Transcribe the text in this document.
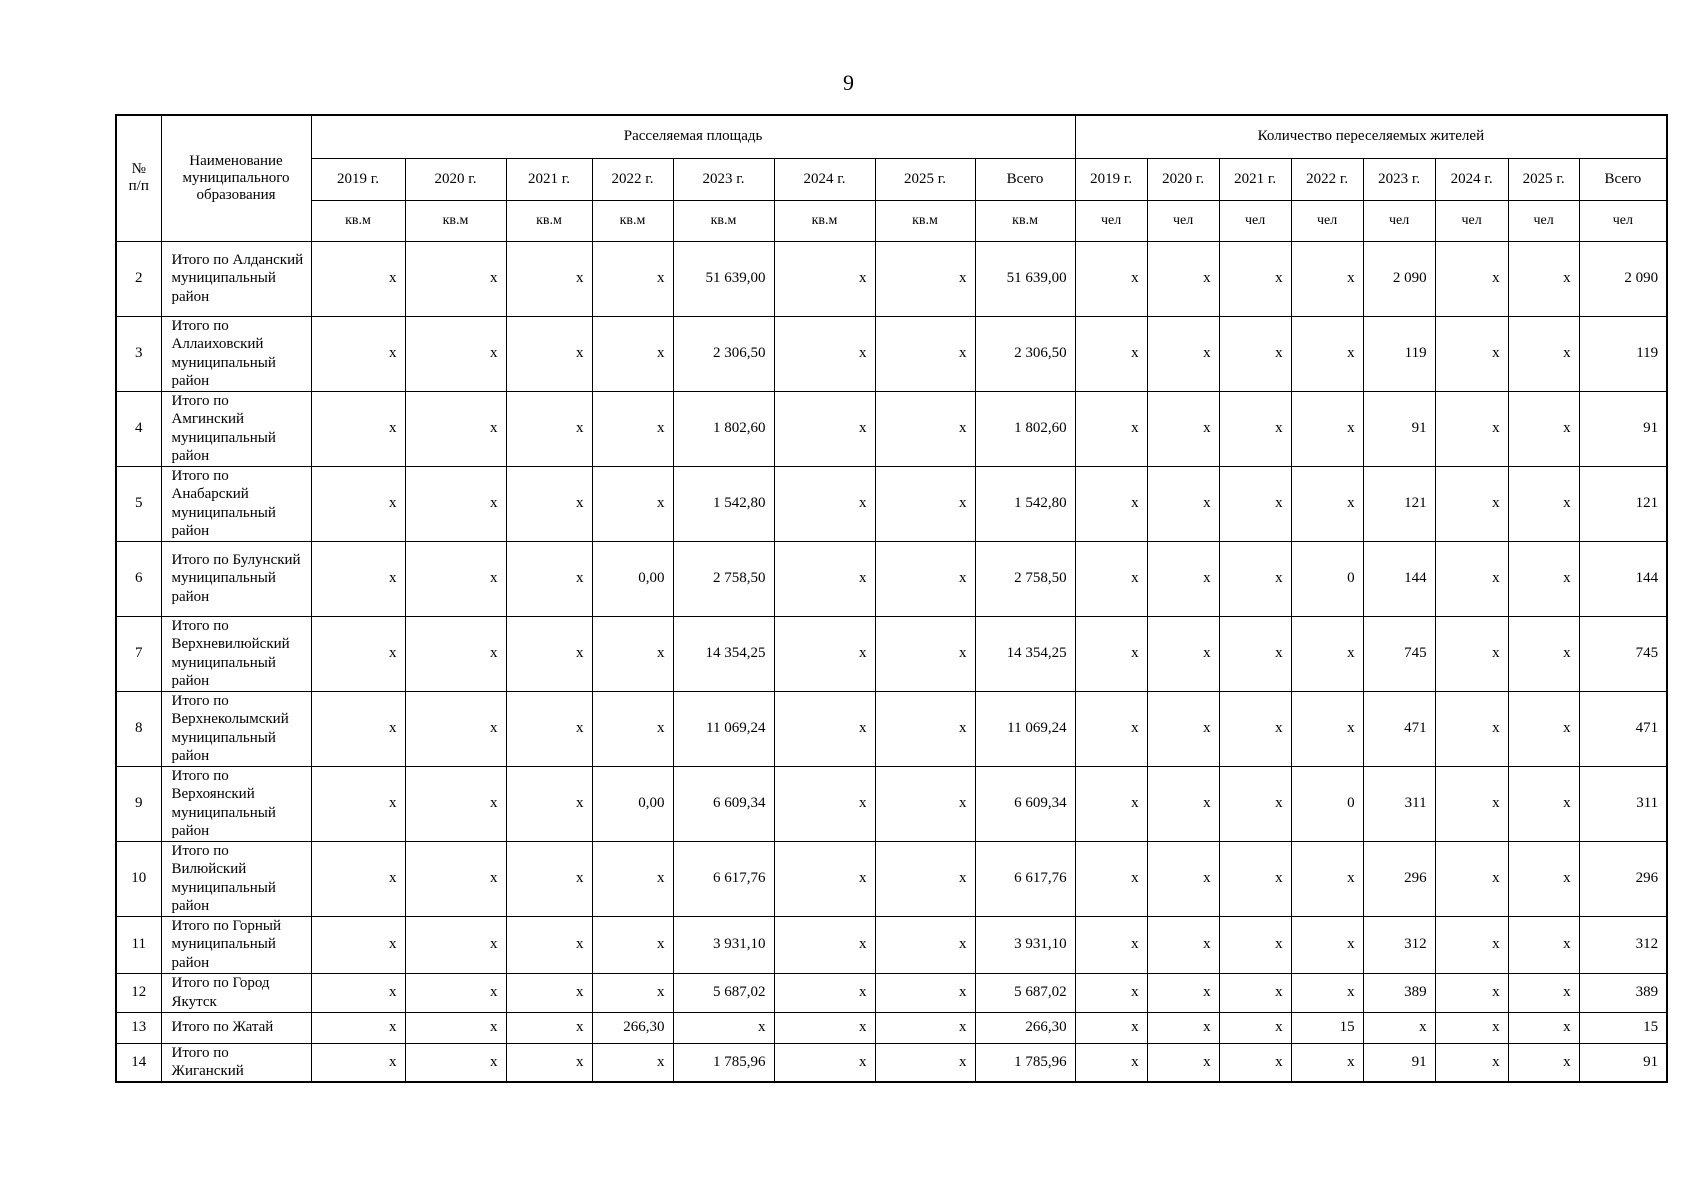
9
№ п/п	Наименование муниципального образования	Расселяемая площадь								Количество переселяемых жителей							
		2019 г.	2020 г.	2021 г.	2022 г.	2023 г.	2024 г.	2025 г.	Всего	2019 г.	2020 г.	2021 г.	2022 г.	2023 г.	2024 г.	2025 г.	Всего
		кв.м	кв.м	кв.м	кв.м	кв.м	кв.м	кв.м	кв.м	чел	чел	чел	чел	чел	чел	чел	чел
2	Итого по Алданский муниципальный район	x	x	x	x	51 639,00	x	x	51 639,00	x	x	x	x	2 090	x	x	2 090
3	Итого по Аллаиховский муниципальный район	x	x	x	x	2 306,50	x	x	2 306,50	x	x	x	x	119	x	x	119
4	Итого по Амгинский муниципальный район	x	x	x	x	1 802,60	x	x	1 802,60	x	x	x	x	91	x	x	91
5	Итого по Анабарский муниципальный район	x	x	x	x	1 542,80	x	x	1 542,80	x	x	x	x	121	x	x	121
6	Итого по Булунский муниципальный район	x	x	x	0,00	2 758,50	x	x	2 758,50	x	x	x	0	144	x	x	144
7	Итого по Верхневилюйский муниципальный район	x	x	x	x	14 354,25	x	x	14 354,25	x	x	x	x	745	x	x	745
8	Итого по Верхнеколымский муниципальный район	x	x	x	x	11 069,24	x	x	11 069,24	x	x	x	x	471	x	x	471
9	Итого по Верхоянский муниципальный район	x	x	x	0,00	6 609,34	x	x	6 609,34	x	x	x	0	311	x	x	311
10	Итого по Вилюйский муниципальный район	x	x	x	x	6 617,76	x	x	6 617,76	x	x	x	x	296	x	x	296
11	Итого по Горный муниципальный район	x	x	x	x	3 931,10	x	x	3 931,10	x	x	x	x	312	x	x	312
12	Итого по Город Якутск	x	x	x	x	5 687,02	x	x	5 687,02	x	x	x	x	389	x	x	389
13	Итого по Жатай	x	x	x	266,30	x	x	x	266,30	x	x	x	15	x	x	x	15
14	Итого по Жиганский	x	x	x	x	1 785,96	x	x	1 785,96	x	x	x	x	91	x	x	91
